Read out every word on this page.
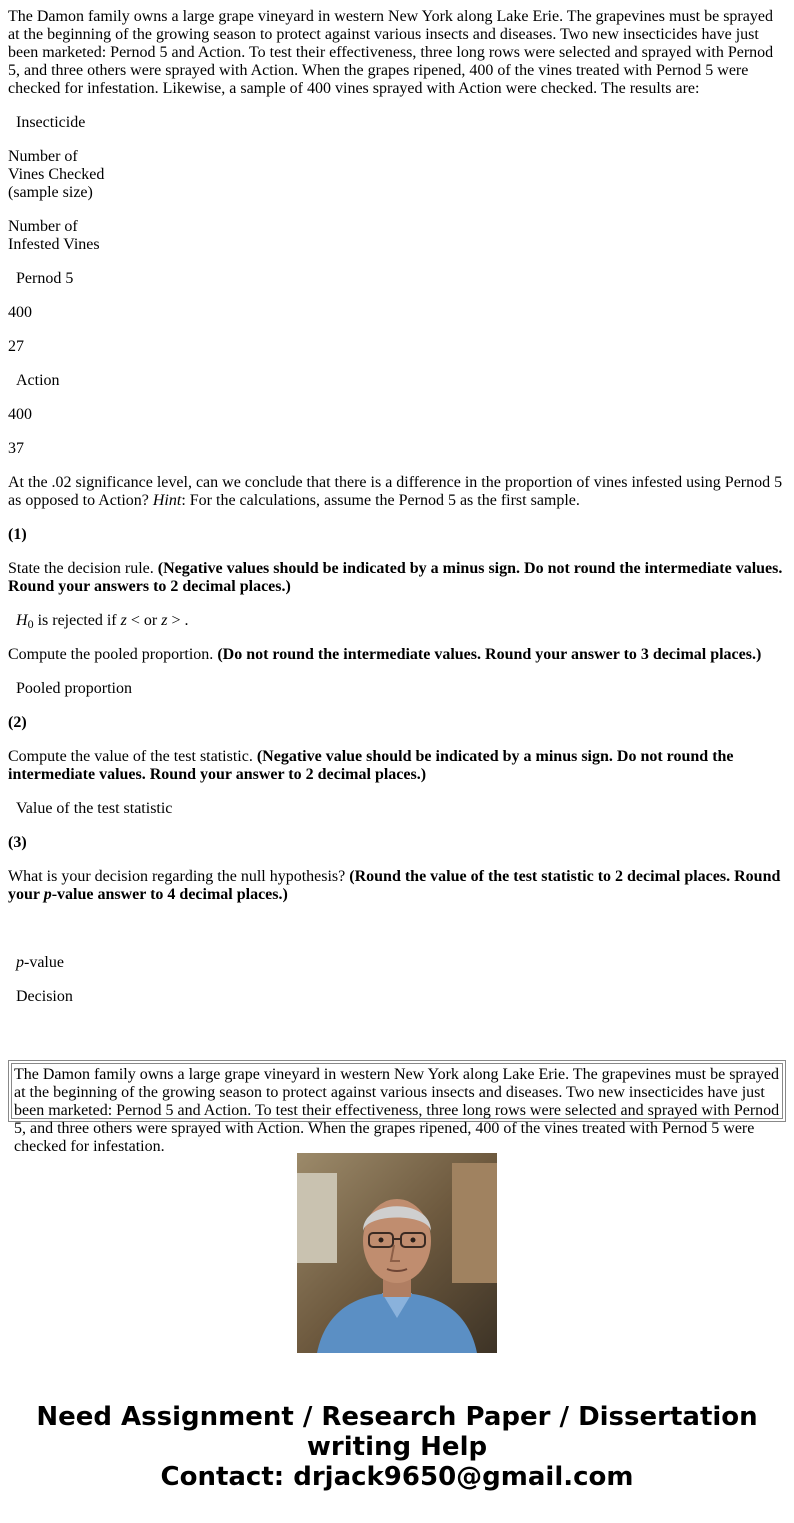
The Damon family owns a large grape vineyard in western New York along Lake Erie. The grapevines must be sprayed at the beginning of the growing season to protect against various insects and diseases. Two new insecticides have just been marketed: Pernod 5 and Action. To test their effectiveness, three long rows were selected and sprayed with Pernod 5, and three others were sprayed with Action. When the grapes ripened, 400 of the vines treated with Pernod 5 were checked for infestation. Likewise, a sample of 400 vines sprayed with Action were checked. The results are:

Insecticide

Number of
Vines Checked
(sample size)

Number of
Infested Vines

Pernod 5

400

27

Action

400

37

At the .02 significance level, can we conclude that there is a difference in the proportion of vines infested using Pernod 5 as opposed to Action? Hint: For the calculations, assume the Pernod 5 as the first sample.

(1)

State the decision rule. (Negative values should be indicated by a minus sign. Do not round the intermediate values. Round your answers to 2 decimal places.)

$H_0$ is rejected if z < or z > .

Compute the pooled proportion. (Do not round the intermediate values. Round your answer to 3 decimal places.)

Pooled proportion

(2)

Compute the value of the test statistic. (Negative value should be indicated by a minus sign. Do not round the intermediate values. Round your answer to 2 decimal places.)

Value of the test statistic

(3)

What is your decision regarding the null hypothesis? (Round the value of the test statistic to 2 decimal places. Round your p-value answer to 4 decimal places.)

p-value

Decision

The Damon family owns a large grape vineyard in western New York along Lake Erie. The grapevines must be sprayed at the beginning of the growing season to protect against various insects and diseases. Two new insecticides have just been marketed: Pernod 5 and Action. To test their effectiveness, three long rows were selected and sprayed with Pernod 5, and three others were sprayed with Action. When the grapes ripened, 400 of the vines treated with Pernod 5 were checked for infestation.
Need Assignment / Research Paper / Dissertation
writing Help
Contact: drjack9650@gmail.com
